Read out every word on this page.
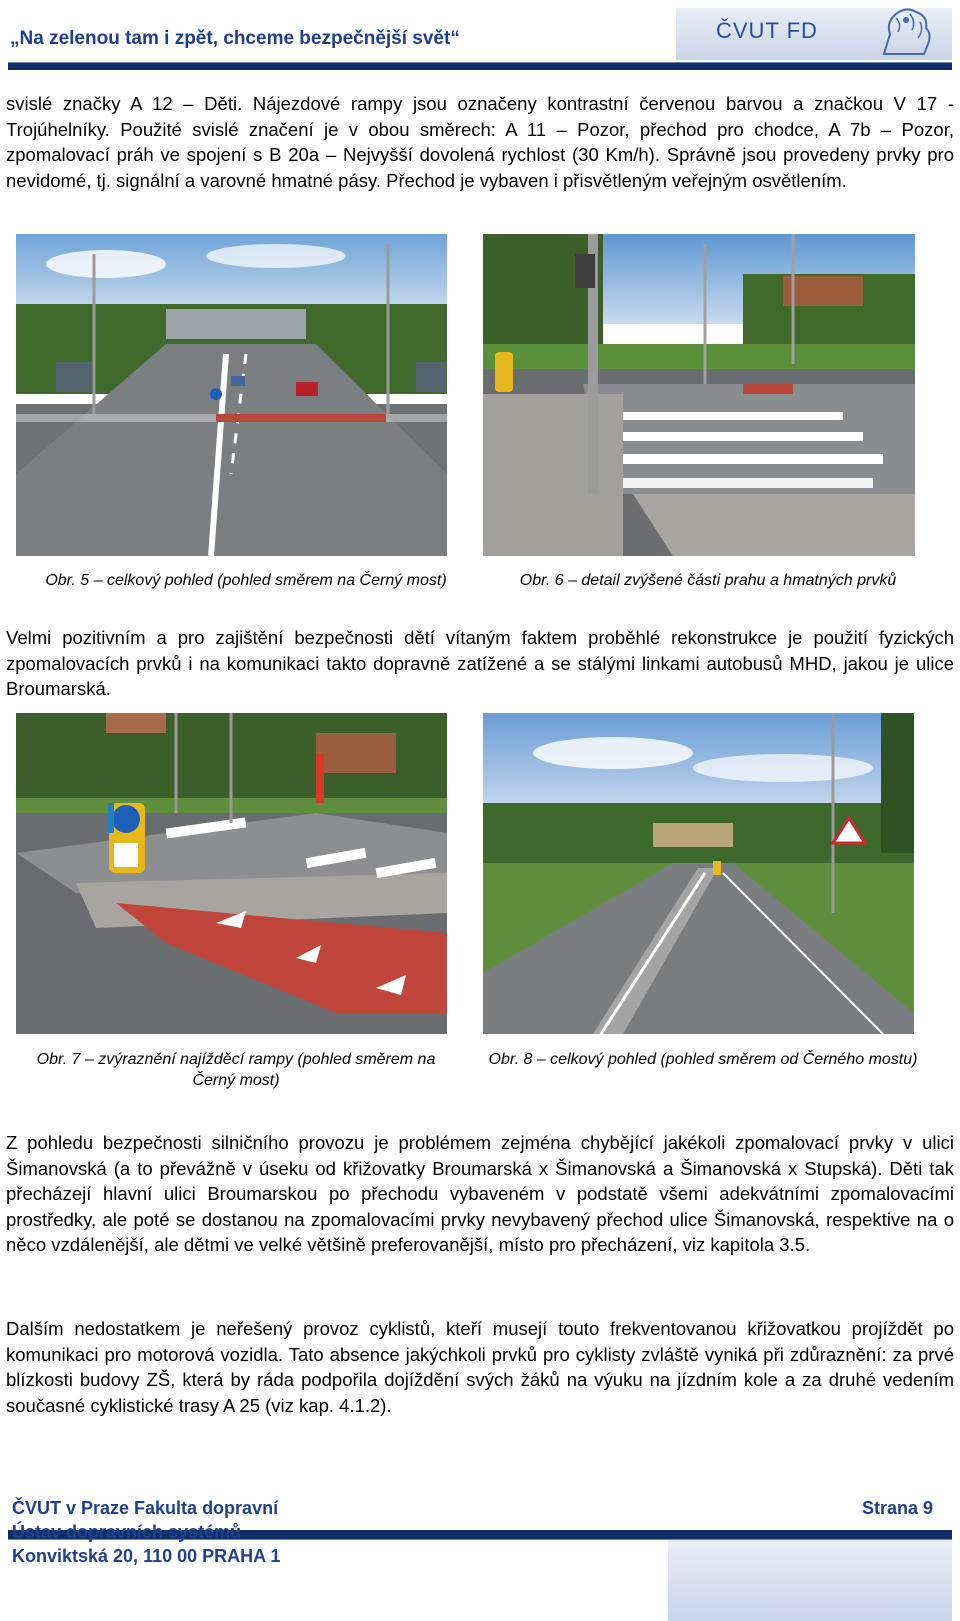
„Na zelenou tam i zpět, chceme bezpečnější svět“	ČVUT FD
svislé značky A 12 – Děti. Nájezdové rampy jsou označeny kontrastní červenou barvou a značkou V 17 - Trojúhelníky. Použité svislé značení je v obou směrech: A 11 – Pozor, přechod pro chodce, A 7b – Pozor, zpomalovací práh ve spojení s B 20a – Nejvyšší dovolená rychlost (30 Km/h). Správně jsou provedeny prvky pro nevidomé, tj. signální a varovné hmatné pásy. Přechod je vybaven i přisvětleným veřejným osvětlením.
Obr. 5 – celkový pohled (pohled směrem na Černý most)	Obr. 6 – detail zvýšené části prahu a hmatných prvků
Velmi pozitivním a pro zajištění bezpečnosti dětí vítaným faktem proběhlé rekonstrukce je použití fyzických zpomalovacích prvků i na komunikaci takto dopravně zatížené a se stálými linkami autobusů MHD, jakou je ulice Broumarská.
Obr. 7 – zvýraznění najížděcí rampy (pohled směrem na Černý most)
Obr. 8 – celkový pohled (pohled směrem od Černého mostu)
Z pohledu bezpečnosti silničního provozu je problémem zejména chybějící jakékoli zpomalovací prvky v ulici Šimanovská (a to převážně v úseku od křižovatky Broumarská x Šimanovská a Šimanovská x Stupská). Děti tak přecházejí hlavní ulici Broumarskou po přechodu vybaveném v podstatě všemi adekvátními zpomalovacími prostředky, ale poté se dostanou na zpomalovacími prvky nevybavený přechod ulice Šimanovská, respektive na o něco vzdálenější, ale dětmi ve velké většině preferovanější, místo pro přecházení, viz kapitola 3.5.
Dalším nedostatkem je neřešený provoz cyklistů, kteří musejí touto frekventovanou křižovatkou projíždět po komunikaci pro motorová vozidla. Tato absence jakýchkoli prvků pro cyklisty zvláště vyniká při zdůraznění: za prvé blízkosti budovy ZŠ, která by ráda podpořila dojíždění svých žáků na výuku na jízdním kole a za druhé vedením současné cyklistické trasy A 25 (viz kap. 4.1.2).
ČVUT v Praze Fakulta dopravní
Ústav dopravních systémů
Konviktská 20, 110 00 PRAHA 1
Strana 9
